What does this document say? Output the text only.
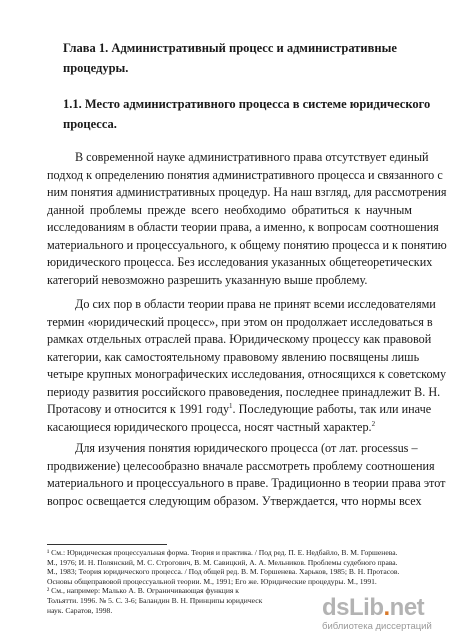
Глава 1. Административный процесс и административные
процедуры.
1.1. Место административного процесса в системе юридического
процесса.
В современной науке административного права отсутствует единый
подход к определению понятия административного процесса и связанного с
ним понятия административных процедур. На наш взгляд, для рассмотрения
данной проблемы прежде всего необходимо обратиться к научным
исследованиям в области теории права, а именно, к вопросам соотношения
материального и процессуального, к общему понятию процесса и к понятию
юридического процесса. Без исследования указанных общетеоретических
категорий невозможно разрешить указанную выше проблему.
До сих пор в области теории права не принят всеми исследователями
термин «юридический процесс», при этом он продолжает исследоваться в
рамках отдельных отраслей права. Юридическому процессу как правовой
категории, как самостоятельному правовому явлению посвящены лишь
четыре крупных монографических исследования, относящихся к советскому
периоду развития российского правоведения, последнее принадлежит В. Н.
Протасову и относится к 1991 году$^1$. Последующие работы, так или иначе
касающиеся юридического процесса, носят частный характер.$^2$
Для изучения понятия юридического процесса (от лат. processus –
продвижение) целесообразно вначале рассмотреть проблему соотношения
материального и процессуального в праве. Традиционно в теории права этот
вопрос освещается следующим образом. Утверждается, что нормы всех
¹ См.: Юридическая процессуальная форма. Теория и практика. / Под ред. П. Е. Недбайло, В. М. Горшенева.
М., 1976; И. Н. Полянский, М. С. Строгович, В. М. Савицкий, А. А. Мельников. Проблемы судебного права.
М., 1983; Теория юридического процесса. / Под общей ред. В. М. Горшенева. Харьков, 1985; В. Н. Протасов.
Основы общеправовой процессуальной теории. М., 1991; Его же. Юридические процедуры. М., 1991.
² См., например: Малько А. В. Ограничивающая функция к
Тольятти. 1996. № 5. С. 3-6; Баландин В. Н. Принципы юридическ
наук. Саратов, 1998.	dsLib.net
библиотека диссертаций
